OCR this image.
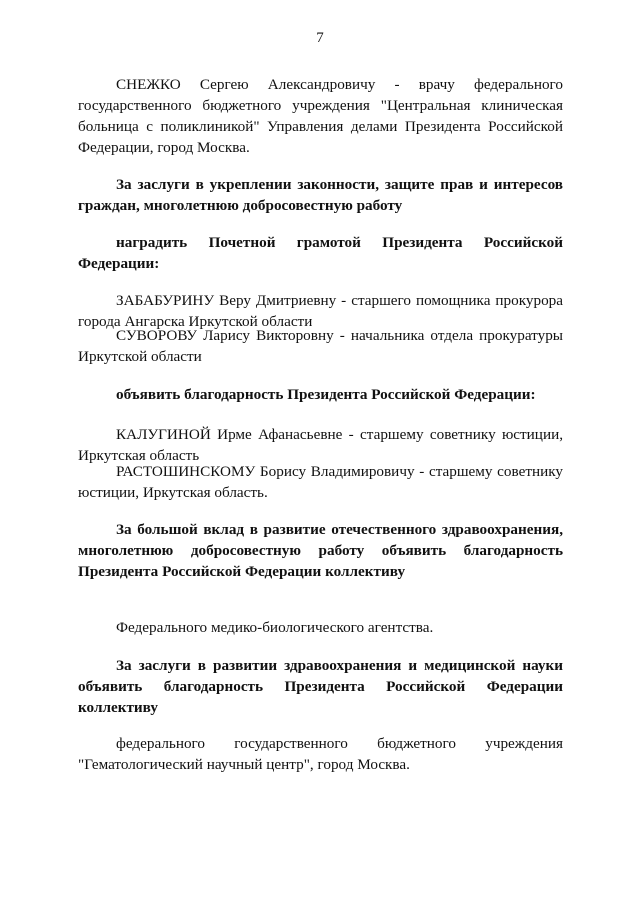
7

СНЕЖКО Сергею Александровичу - врачу федерального государственного бюджетного учреждения "Центральная клиническая больница с поликлиникой" Управления делами Президента Российской Федерации, город Москва.

За заслуги в укреплении законности, защите прав и интересов граждан, многолетнюю добросовестную работу

наградить Почетной грамотой Президента Российской Федерации:

ЗАБАБУРИНУ Веру Дмитриевну - старшего помощника прокурора города Ангарска Иркутской области

СУВОРОВУ Ларису Викторовну - начальника отдела прокуратуры Иркутской области

объявить благодарность Президента Российской Федерации:

КАЛУГИНОЙ Ирме Афанасьевне - старшему советнику юстиции, Иркутская область

РАСТОШИНСКОМУ Борису Владимировичу - старшему советнику юстиции, Иркутская область.

За большой вклад в развитие отечественного здравоохранения, многолетнюю добросовестную работу объявить благодарность Президента Российской Федерации коллективу

Федерального медико-биологического агентства.

За заслуги в развитии здравоохранения и медицинской науки объявить благодарность Президента Российской Федерации коллективу

федерального государственного бюджетного учреждения "Гематологический научный центр", город Москва.
